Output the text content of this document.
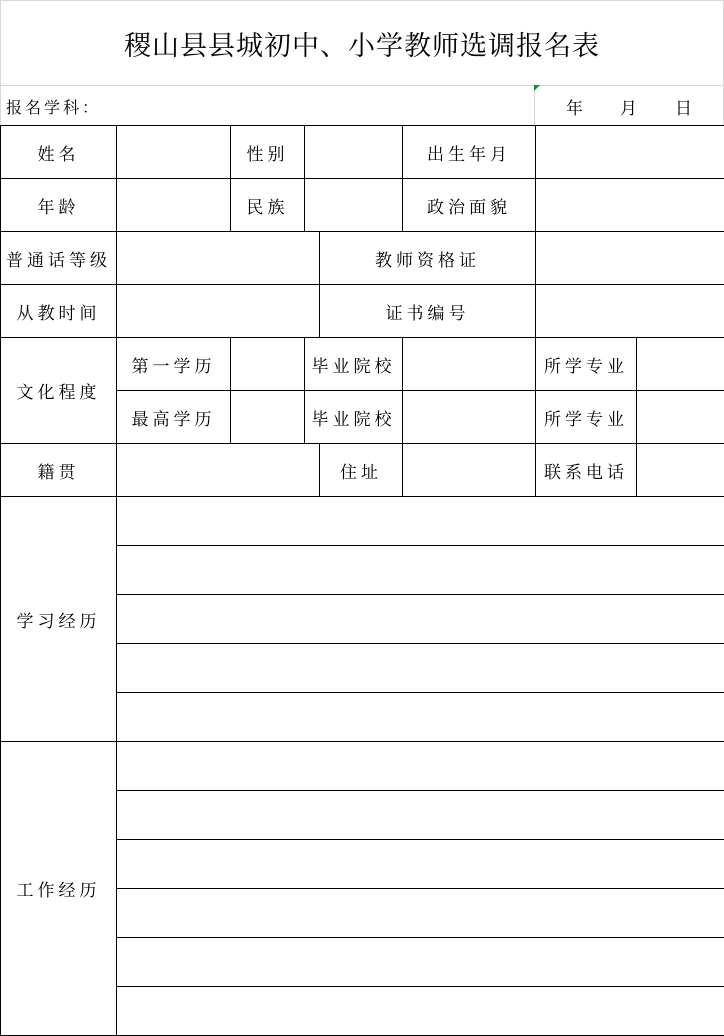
稷山县县城初中、小学教师选调报名表
报名学科：	年 月 日
姓名		性别			出生年月		
年龄		民族			政治面貌		
普通话等级				教师资格证			
从教时间				证书编号			
文化程度	第一学历		毕业院校			所学专业	
	最高学历		毕业院校			所学专业	
籍贯				住址		联系电话	
学习经历							

工作经历							
